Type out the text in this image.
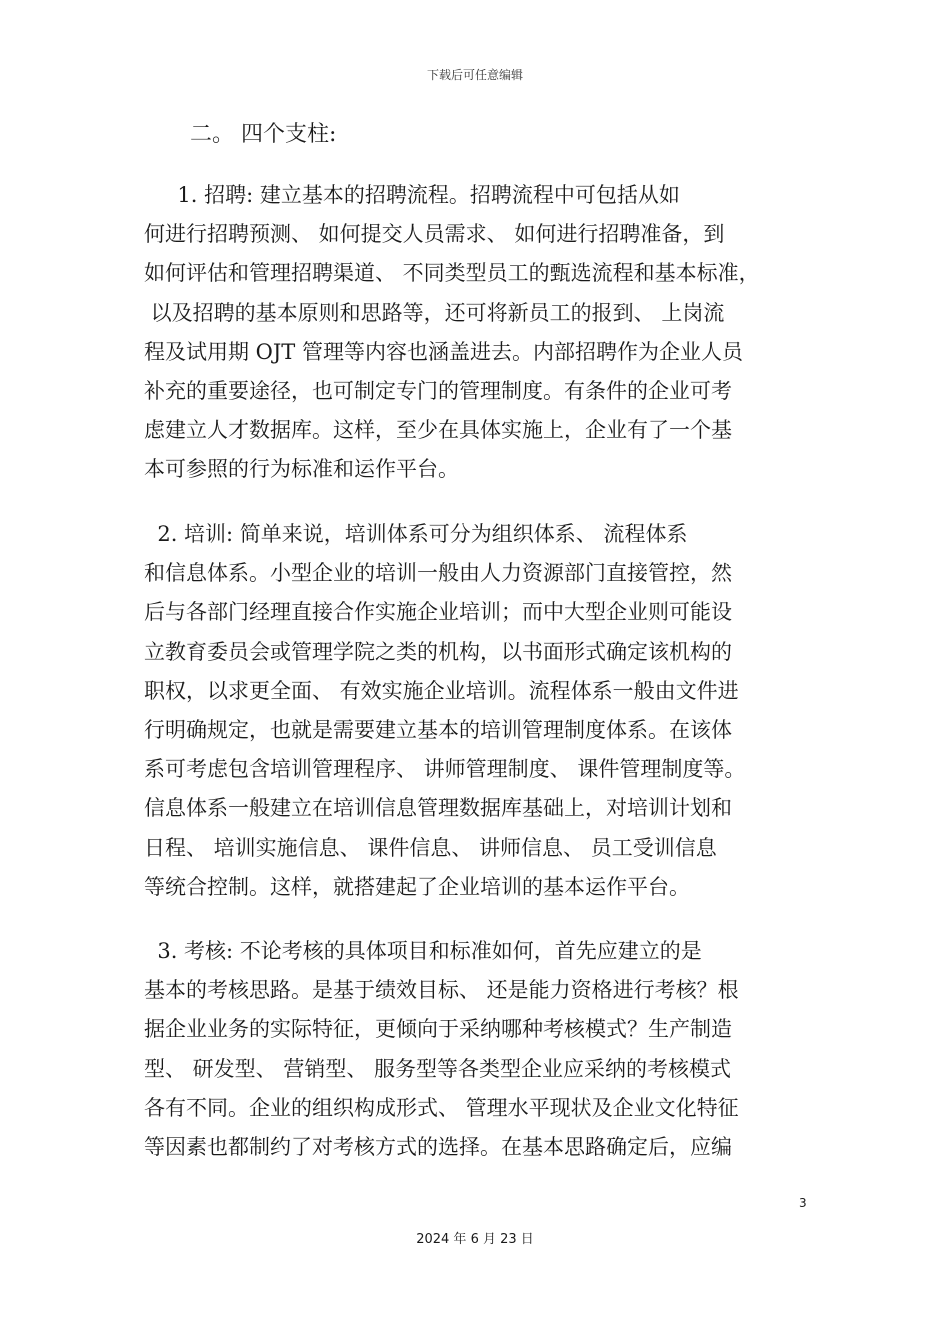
下载后可任意编辑
二。 四个支柱:
1. 招聘: 建立基本的招聘流程。招聘流程中可包括从如
何进行招聘预测、 如何提交人员需求、 如何进行招聘准备，到
如何评估和管理招聘渠道、 不同类型员工的甄选流程和基本标准，
以及招聘的基本原则和思路等，还可将新员工的报到、 上岗流
程及试用期 OJT 管理等内容也涵盖进去。内部招聘作为企业人员
补充的重要途径，也可制定专门的管理制度。有条件的企业可考
虑建立人才数据库。这样，至少在具体实施上，企业有了一个基
本可参照的行为标准和运作平台。
2. 培训: 简单来说，培训体系可分为组织体系、 流程体系
和信息体系。小型企业的培训一般由人力资源部门直接管控，然
后与各部门经理直接合作实施企业培训；而中大型企业则可能设
立教育委员会或管理学院之类的机构，以书面形式确定该机构的
职权，以求更全面、 有效实施企业培训。流程体系一般由文件进
行明确规定，也就是需要建立基本的培训管理制度体系。在该体
系可考虑包含培训管理程序、 讲师管理制度、 课件管理制度等。
信息体系一般建立在培训信息管理数据库基础上，对培训计划和
日程、 培训实施信息、 课件信息、 讲师信息、 员工受训信息
等统合控制。这样，就搭建起了企业培训的基本运作平台。
3. 考核: 不论考核的具体项目和标准如何，首先应建立的是
基本的考核思路。是基于绩效目标、 还是能力资格进行考核？根
据企业业务的实际特征，更倾向于采纳哪种考核模式？生产制造
型、 研发型、 营销型、 服务型等各类型企业应采纳的考核模式
各有不同。企业的组织构成形式、 管理水平现状及企业文化特征
等因素也都制约了对考核方式的选择。在基本思路确定后，应编
3
2024 年 6 月 23 日
